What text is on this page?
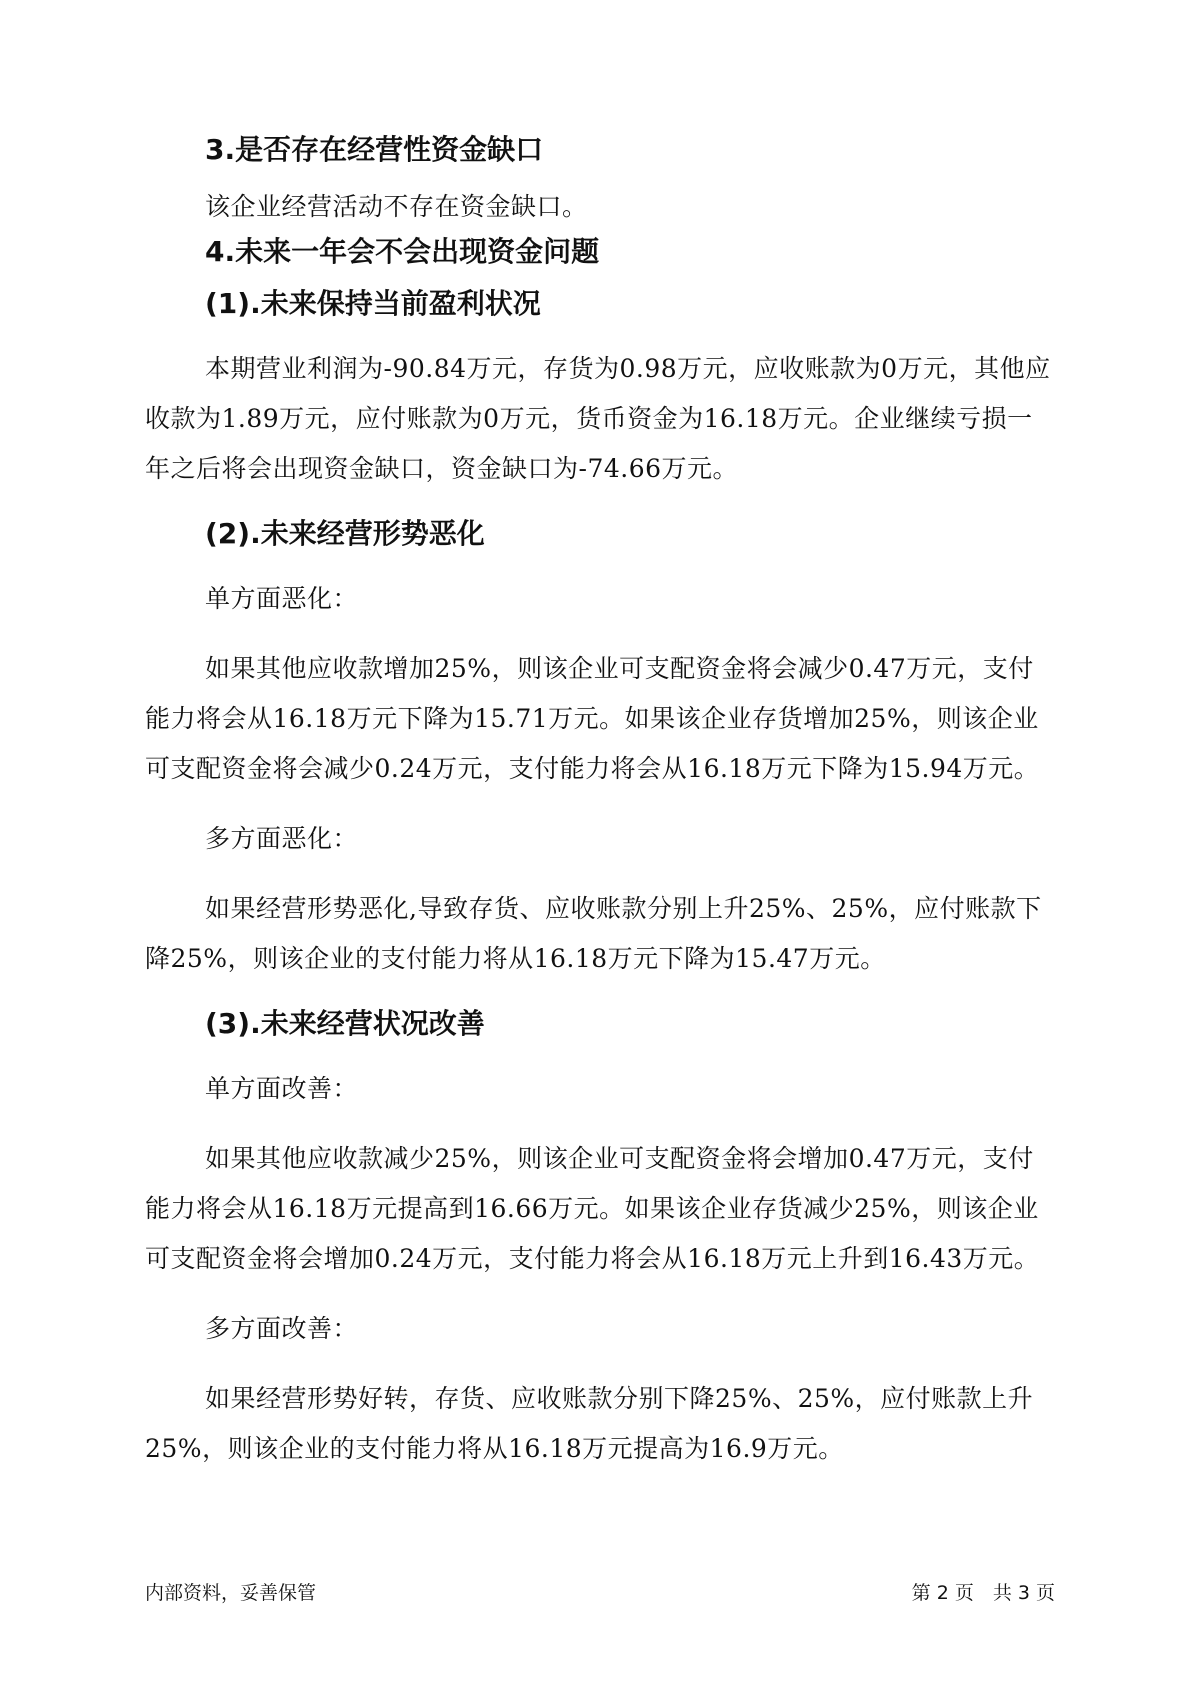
3.是否存在经营性资金缺口

该企业经营活动不存在资金缺口。

4.未来一年会不会出现资金问题

(1).未来保持当前盈利状况

本期营业利润为-90.84万元，存货为0.98万元，应收账款为0万元，其他应收款为1.89万元，应付账款为0万元，货币资金为16.18万元。企业继续亏损一年之后将会出现资金缺口，资金缺口为-74.66万元。

(2).未来经营形势恶化

单方面恶化：

如果其他应收款增加25%，则该企业可支配资金将会减少0.47万元，支付能力将会从16.18万元下降为15.71万元。如果该企业存货增加25%，则该企业可支配资金将会减少0.24万元，支付能力将会从16.18万元下降为15.94万元。

多方面恶化：

如果经营形势恶化,导致存货、应收账款分别上升25%、25%，应付账款下降25%，则该企业的支付能力将从16.18万元下降为15.47万元。

(3).未来经营状况改善

单方面改善：

如果其他应收款减少25%，则该企业可支配资金将会增加0.47万元，支付能力将会从16.18万元提高到16.66万元。如果该企业存货减少25%，则该企业可支配资金将会增加0.24万元，支付能力将会从16.18万元上升到16.43万元。

多方面改善：

如果经营形势好转，存货、应收账款分别下降25%、25%，应付账款上升25%，则该企业的支付能力将从16.18万元提高为16.9万元。

内部资料，妥善保管	第 2 页　共 3 页
